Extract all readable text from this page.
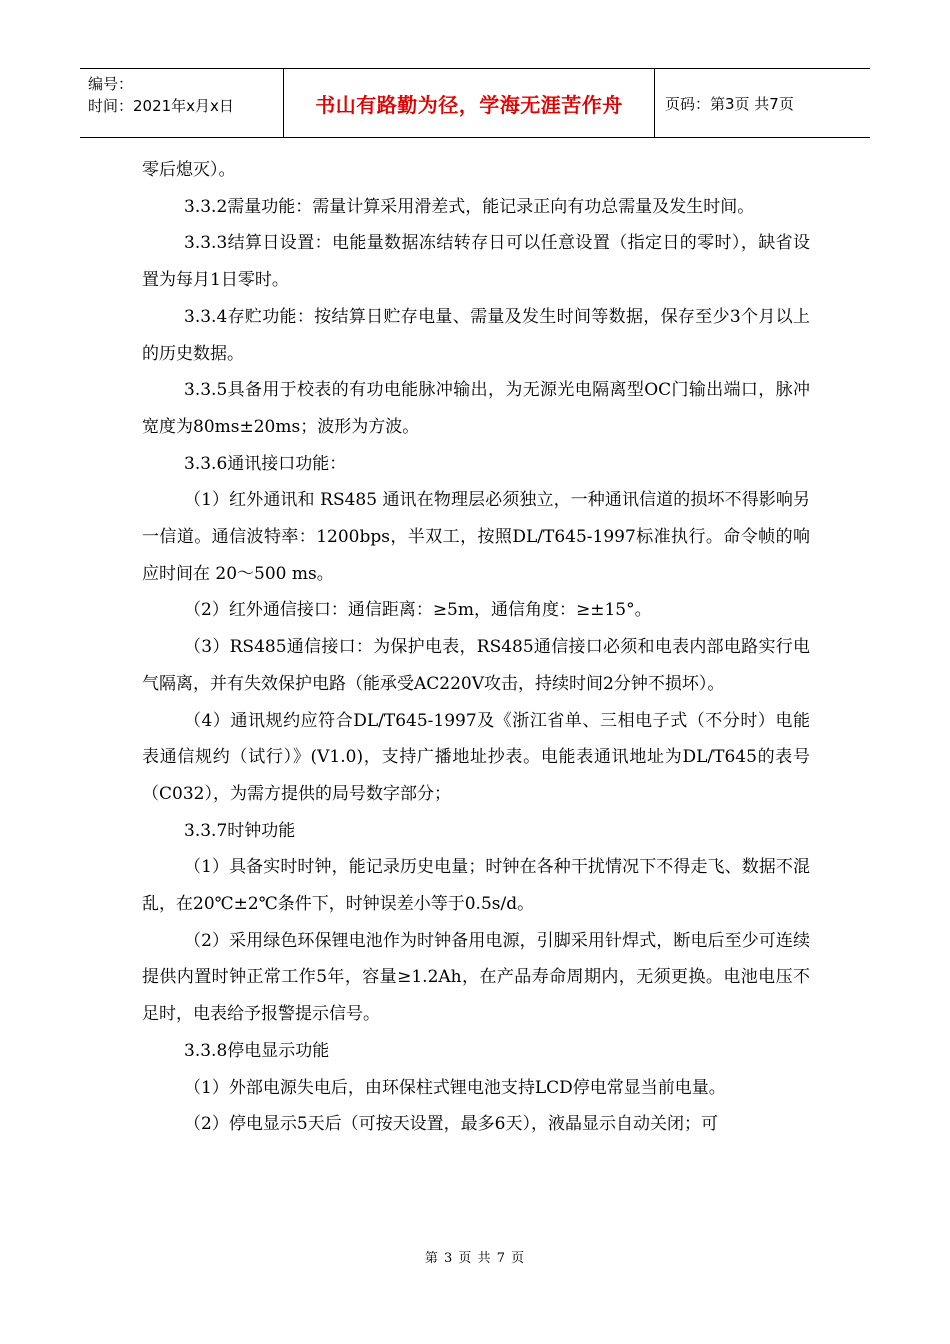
编号：
时间：2021年x月x日	书山有路勤为径，学海无涯苦作舟	页码：第3页 共7页

零后熄灭）。

3.3.2需量功能：需量计算采用滑差式，能记录正向有功总需量及发生时间。

3.3.3结算日设置：电能量数据冻结转存日可以任意设置（指定日的零时），缺省设置为每月1日零时。

3.3.4存贮功能：按结算日贮存电量、需量及发生时间等数据，保存至少3个月以上的历史数据。

3.3.5具备用于校表的有功电能脉冲输出，为无源光电隔离型OC门输出端口，脉冲宽度为80ms±20ms；波形为方波。

3.3.6通讯接口功能：

（1）红外通讯和 RS485 通讯在物理层必须独立，一种通讯信道的损坏不得影响另一信道。通信波特率：1200bps，半双工，按照DL/T645-1997标准执行。命令帧的响应时间在 20～500 ms。

（2）红外通信接口：通信距离：≥5m，通信角度：≥±15°。

（3）RS485通信接口：为保护电表，RS485通信接口必须和电表内部电路实行电气隔离，并有失效保护电路（能承受AC220V攻击，持续时间2分钟不损坏）。

（4）通讯规约应符合DL/T645-1997及《浙江省单、三相电子式（不分时）电能表通信规约（试行）》(V1.0)，支持广播地址抄表。电能表通讯地址为DL/T645的表号（C032），为需方提供的局号数字部分；

3.3.7时钟功能

（1）具备实时时钟，能记录历史电量；时钟在各种干扰情况下不得走飞、数据不混乱，在20℃±2℃条件下，时钟误差小等于0.5s/d。

（2）采用绿色环保锂电池作为时钟备用电源，引脚采用针焊式，断电后至少可连续提供内置时钟正常工作5年，容量≥1.2Ah，在产品寿命周期内，无须更换。电池电压不足时，电表给予报警提示信号。

3.3.8停电显示功能

（1）外部电源失电后，由环保柱式锂电池支持LCD停电常显当前电量。

（2）停电显示5天后（可按天设置，最多6天），液晶显示自动关闭；可

第 3 页 共 7 页
